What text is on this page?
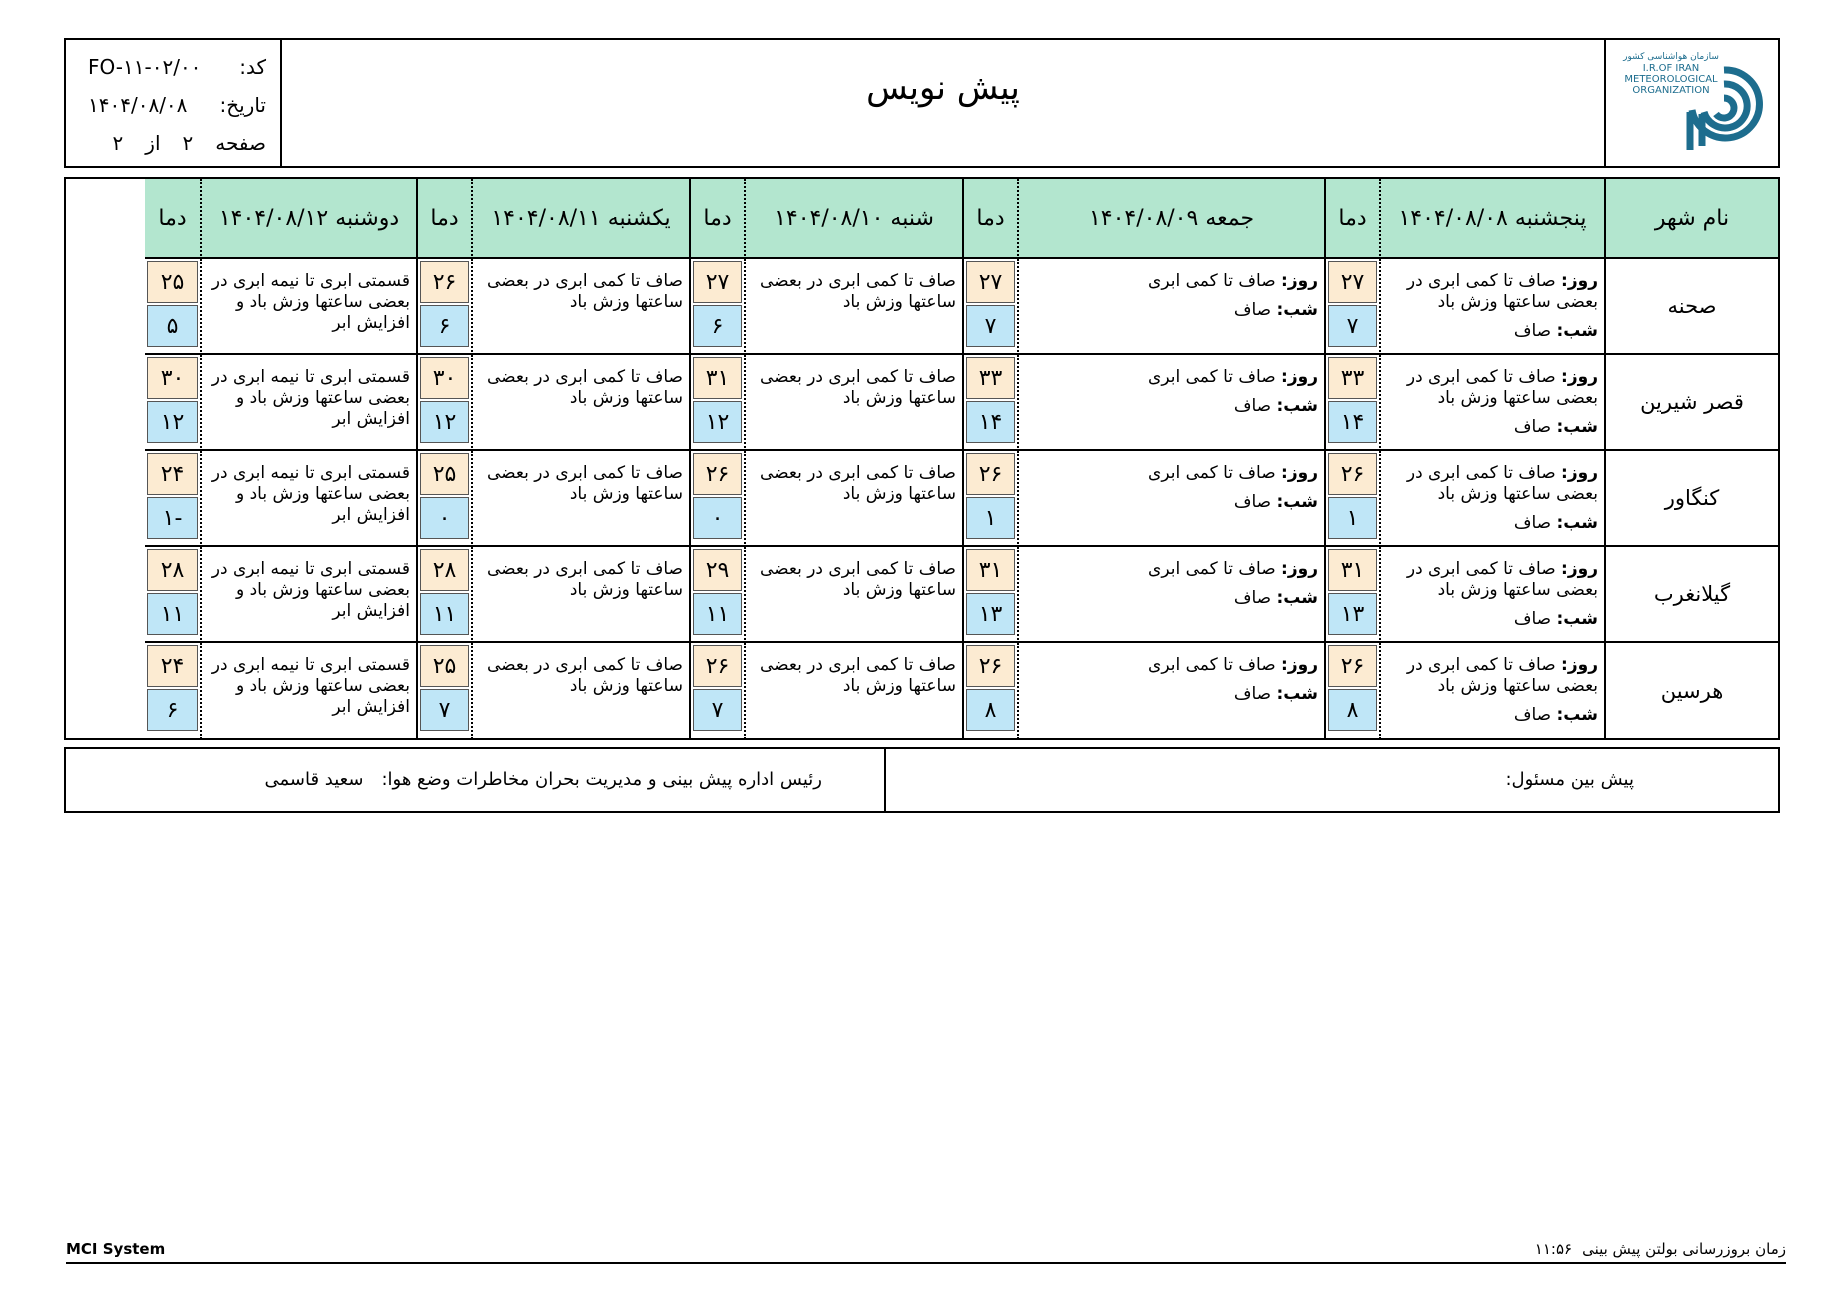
FO-۱۱-۰۲/۰۰ کد:
۱۴۰۴/۰۸/۰۸ تاریخ:
صفحه
۲
از
۲
پیش نویس
سازمان هواشناسی کشور
I.R.OF IRAN
METEOROLOGICAL
ORGANIZATION
نام شهر
پنجشنبه

۱۴۰۴/۰۸/۰۸
دما
جمعه

۱۴۰۴/۰۸/۰۹
دما
شنبه

۱۴۰۴/۰۸/۱۰
دما
یکشنبه

۱۴۰۴/۰۸/۱۱
دما
دوشنبه

۱۴۰۴/۰۸/۱۲
دما
صحنه
روز: صاف تا کمی ابری در بعضی ساعتها وزش باد
شب: صاف
۲۷
۷
روز: صاف تا کمی ابری
شب: صاف
۲۷
۷
صاف تا کمی ابری در بعضی ساعتها وزش باد
۲۷
۶
صاف تا کمی ابری در بعضی ساعتها وزش باد
۲۶
۶
قسمتی ابری تا نیمه ابری در بعضی ساعتها وزش باد و افزایش ابر
۲۵
۵
قصر شیرین
روز: صاف تا کمی ابری در بعضی ساعتها وزش باد
شب: صاف
۳۳
۱۴
روز: صاف تا کمی ابری
شب: صاف
۳۳
۱۴
صاف تا کمی ابری در بعضی ساعتها وزش باد
۳۱
۱۲
صاف تا کمی ابری در بعضی ساعتها وزش باد
۳۰
۱۲
قسمتی ابری تا نیمه ابری در بعضی ساعتها وزش باد و افزایش ابر
۳۰
۱۲
کنگاور
روز: صاف تا کمی ابری در بعضی ساعتها وزش باد
شب: صاف
۲۶
۱
روز: صاف تا کمی ابری
شب: صاف
۲۶
۱
صاف تا کمی ابری در بعضی ساعتها وزش باد
۲۶
۰
صاف تا کمی ابری در بعضی ساعتها وزش باد
۲۵
۰
قسمتی ابری تا نیمه ابری در بعضی ساعتها وزش باد و افزایش ابر
۲۴
-۱
گیلانغرب
روز: صاف تا کمی ابری در بعضی ساعتها وزش باد
شب: صاف
۳۱
۱۳
روز: صاف تا کمی ابری
شب: صاف
۳۱
۱۳
صاف تا کمی ابری در بعضی ساعتها وزش باد
۲۹
۱۱
صاف تا کمی ابری در بعضی ساعتها وزش باد
۲۸
۱۱
قسمتی ابری تا نیمه ابری در بعضی ساعتها وزش باد و افزایش ابر
۲۸
۱۱
هرسین
روز: صاف تا کمی ابری در بعضی ساعتها وزش باد
شب: صاف
۲۶
۸
روز: صاف تا کمی ابری
شب: صاف
۲۶
۸
صاف تا کمی ابری در بعضی ساعتها وزش باد
۲۶
۷
صاف تا کمی ابری در بعضی ساعتها وزش باد
۲۵
۷
قسمتی ابری تا نیمه ابری در بعضی ساعتها وزش باد و افزایش ابر
۲۴
۶
پیش بین مسئول:
رئیس اداره پیش بینی و مدیریت بحران مخاطرات وضع هوا:
سعید قاسمی
MCI System	زمان بروزرسانی بولتن پیش بینی
۱۱:۵۶
